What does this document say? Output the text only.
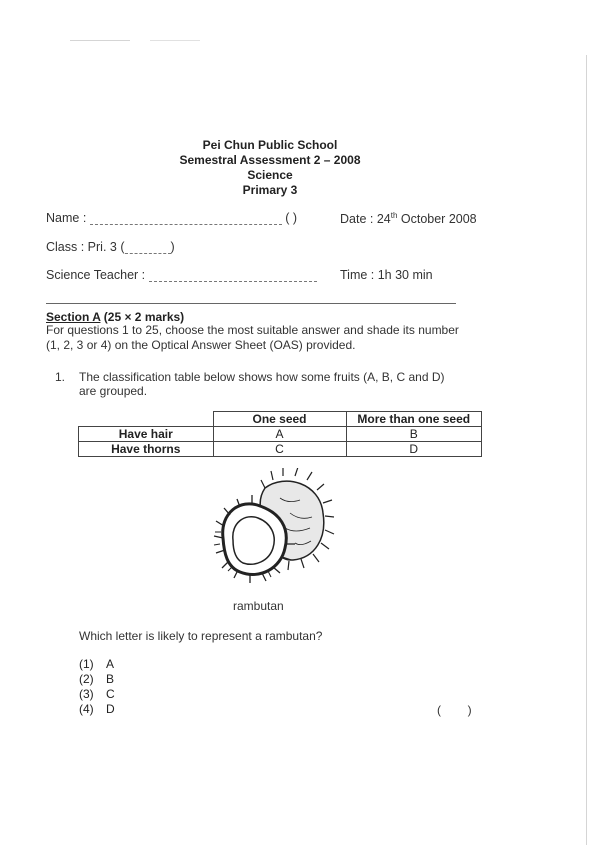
Pei Chun Public School
Semestral Assessment 2 – 2008
Science
Primary 3
Name :	( )	Date : 24th October 2008
Class : Pri. 3 (	)
Science Teacher :	Time : 1h 30 min
Section A (25 × 2 marks)
For questions 1 to 25, choose the most suitable answer and shade its number
(1, 2, 3 or 4) on the Optical Answer Sheet (OAS) provided.
1. The classification table below shows how some fruits (A, B, C and D)
are grouped.
	One seed	More than one seed
Have hair	A	B
Have thorns	C	D
rambutan
Which letter is likely to represent a rambutan?
(1) A
(2) B
(3) C
(4) D	(        )
